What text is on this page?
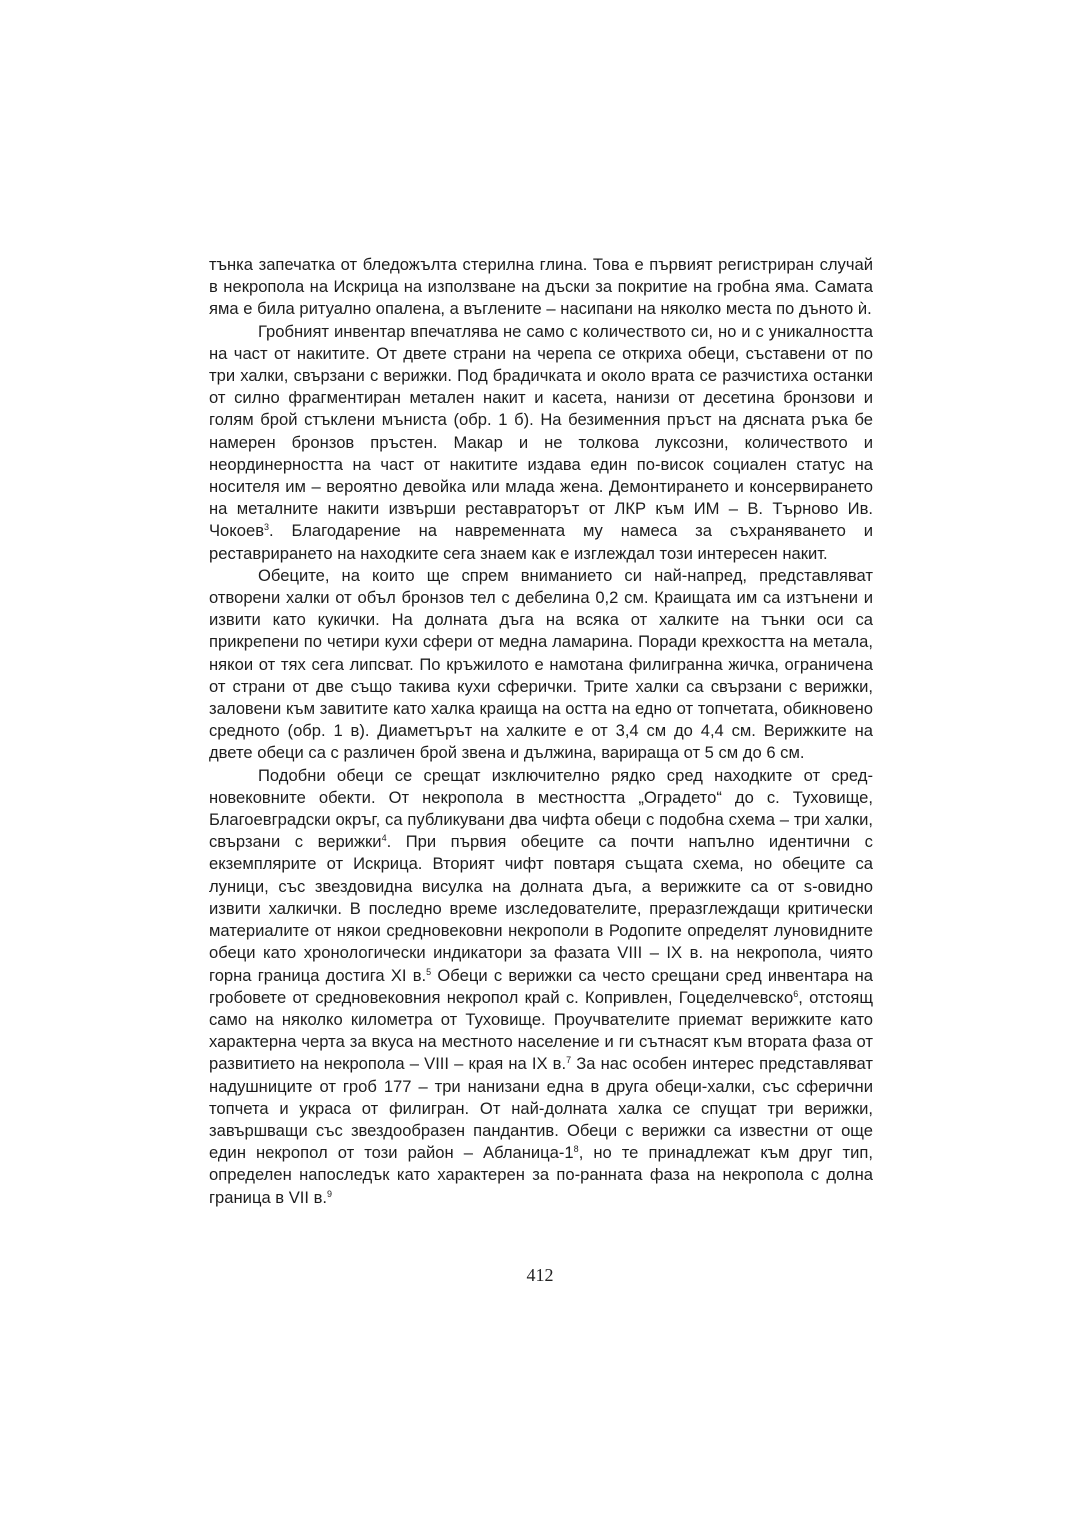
тънка запечатка от бледожълта стерилна глина. Това е първият регистриран случай в некропола на Искрица на използване на дъски за покритие на гробна яма. Самата яма е била ритуално опалена, а въглените – насипани на няколко места по дъното ѝ.

Гробният инвентар впечатлява не само с количеството си, но и с уникалността на част от накитите. От двете страни на черепа се откриха обеци, съставени от по три халки, свързани с верижки. Под брадичката и около врата се разчистиха останки от силно фрагментиран метален накит и касета, нанизи от десетина бронзови и голям брой стъклени мъниста (обр. 1 б). На безименния пръст на дясната ръка бе намерен бронзов пръстен. Макар и не толкова луксозни, количеството и неординерността на част от накитите издава един по-висок социален статус на носителя им – вероятно девойка или млада жена. Демонтирането и консервирането на металните накити извърши реставраторът от ЛКР към ИМ – В. Търново Ив. Чокоев$^3$. Благодарение на навременната му намеса за съхраняването и реставрирането на находките сега знаем как е изглеждал този интересен накит.

Обеците, на които ще спрем вниманието си най-напред, представляват отворени халки от объл бронзов тел с дебелина 0,2 см. Краищата им са изтънени и извити като кукички. На долната дъга на всяка от халките на тънки оси са прикрепени по четири кухи сфери от медна ламарина. Поради крехкостта на метала, някои от тях сега липсват. По кръжилото е намотана филигранна жичка, ограничена от страни от две също такива кухи сферички. Трите халки са свързани с верижки, заловени към завитите като халка краища на остта на едно от топчетата, обикновено средното (обр. 1 в). Диаметърът на халките е от 3,4 см до 4,4 см. Верижките на двете обеци са с различен брой звена и дължина, варираща от 5 см до 6 см.

Подобни обеци се срещат изключително рядко сред находките от средновековните обекти. От некропола в местността „Оградето“ до с. Туховище, Благоевградски окръг, са публикувани два чифта обеци с подобна схема – три халки, свързани с верижки$^4$. При първия обеците са почти напълно идентични с екземплярите от Искрица. Вторият чифт повтаря същата схема, но обеците са луници, със звездовидна висулка на долната дъга, а верижките са от s-овидно извити халкички. В последно време изследователите, преразглеждащи критически материалите от някои средновековни некрополи в Родопите определят луновидните обеци като хронологически индикатори за фазата VIII – IX в. на некропола, чиято горна граница достига XI в.$^5$ Обеци с верижки са често срещани сред инвентара на гробовете от средновековния некропол край с. Копривлен, Гоцеделчевско$^6$, отстоящ само на няколко километра от Туховище. Проучвателите приемат верижките като характерна черта за вкуса на местното население и ги сътнасят към втората фаза от развитието на некропола – VIII – края на IX в.$^7$ За нас особен интерес представляват надушниците от гроб 177 – три нанизани една в друга обеци-халки, със сферични топчета и украса от филигран. От най-долната халка се спущат три верижки, завършващи със звездообразен пандантив. Обеци с верижки са известни от още един некропол от този район – Абланица-1$^8$, но те принадлежат към друг тип, определен напоследък като характерен за по-ранната фаза на некропола с долна граница в VII в.$^9$

412
